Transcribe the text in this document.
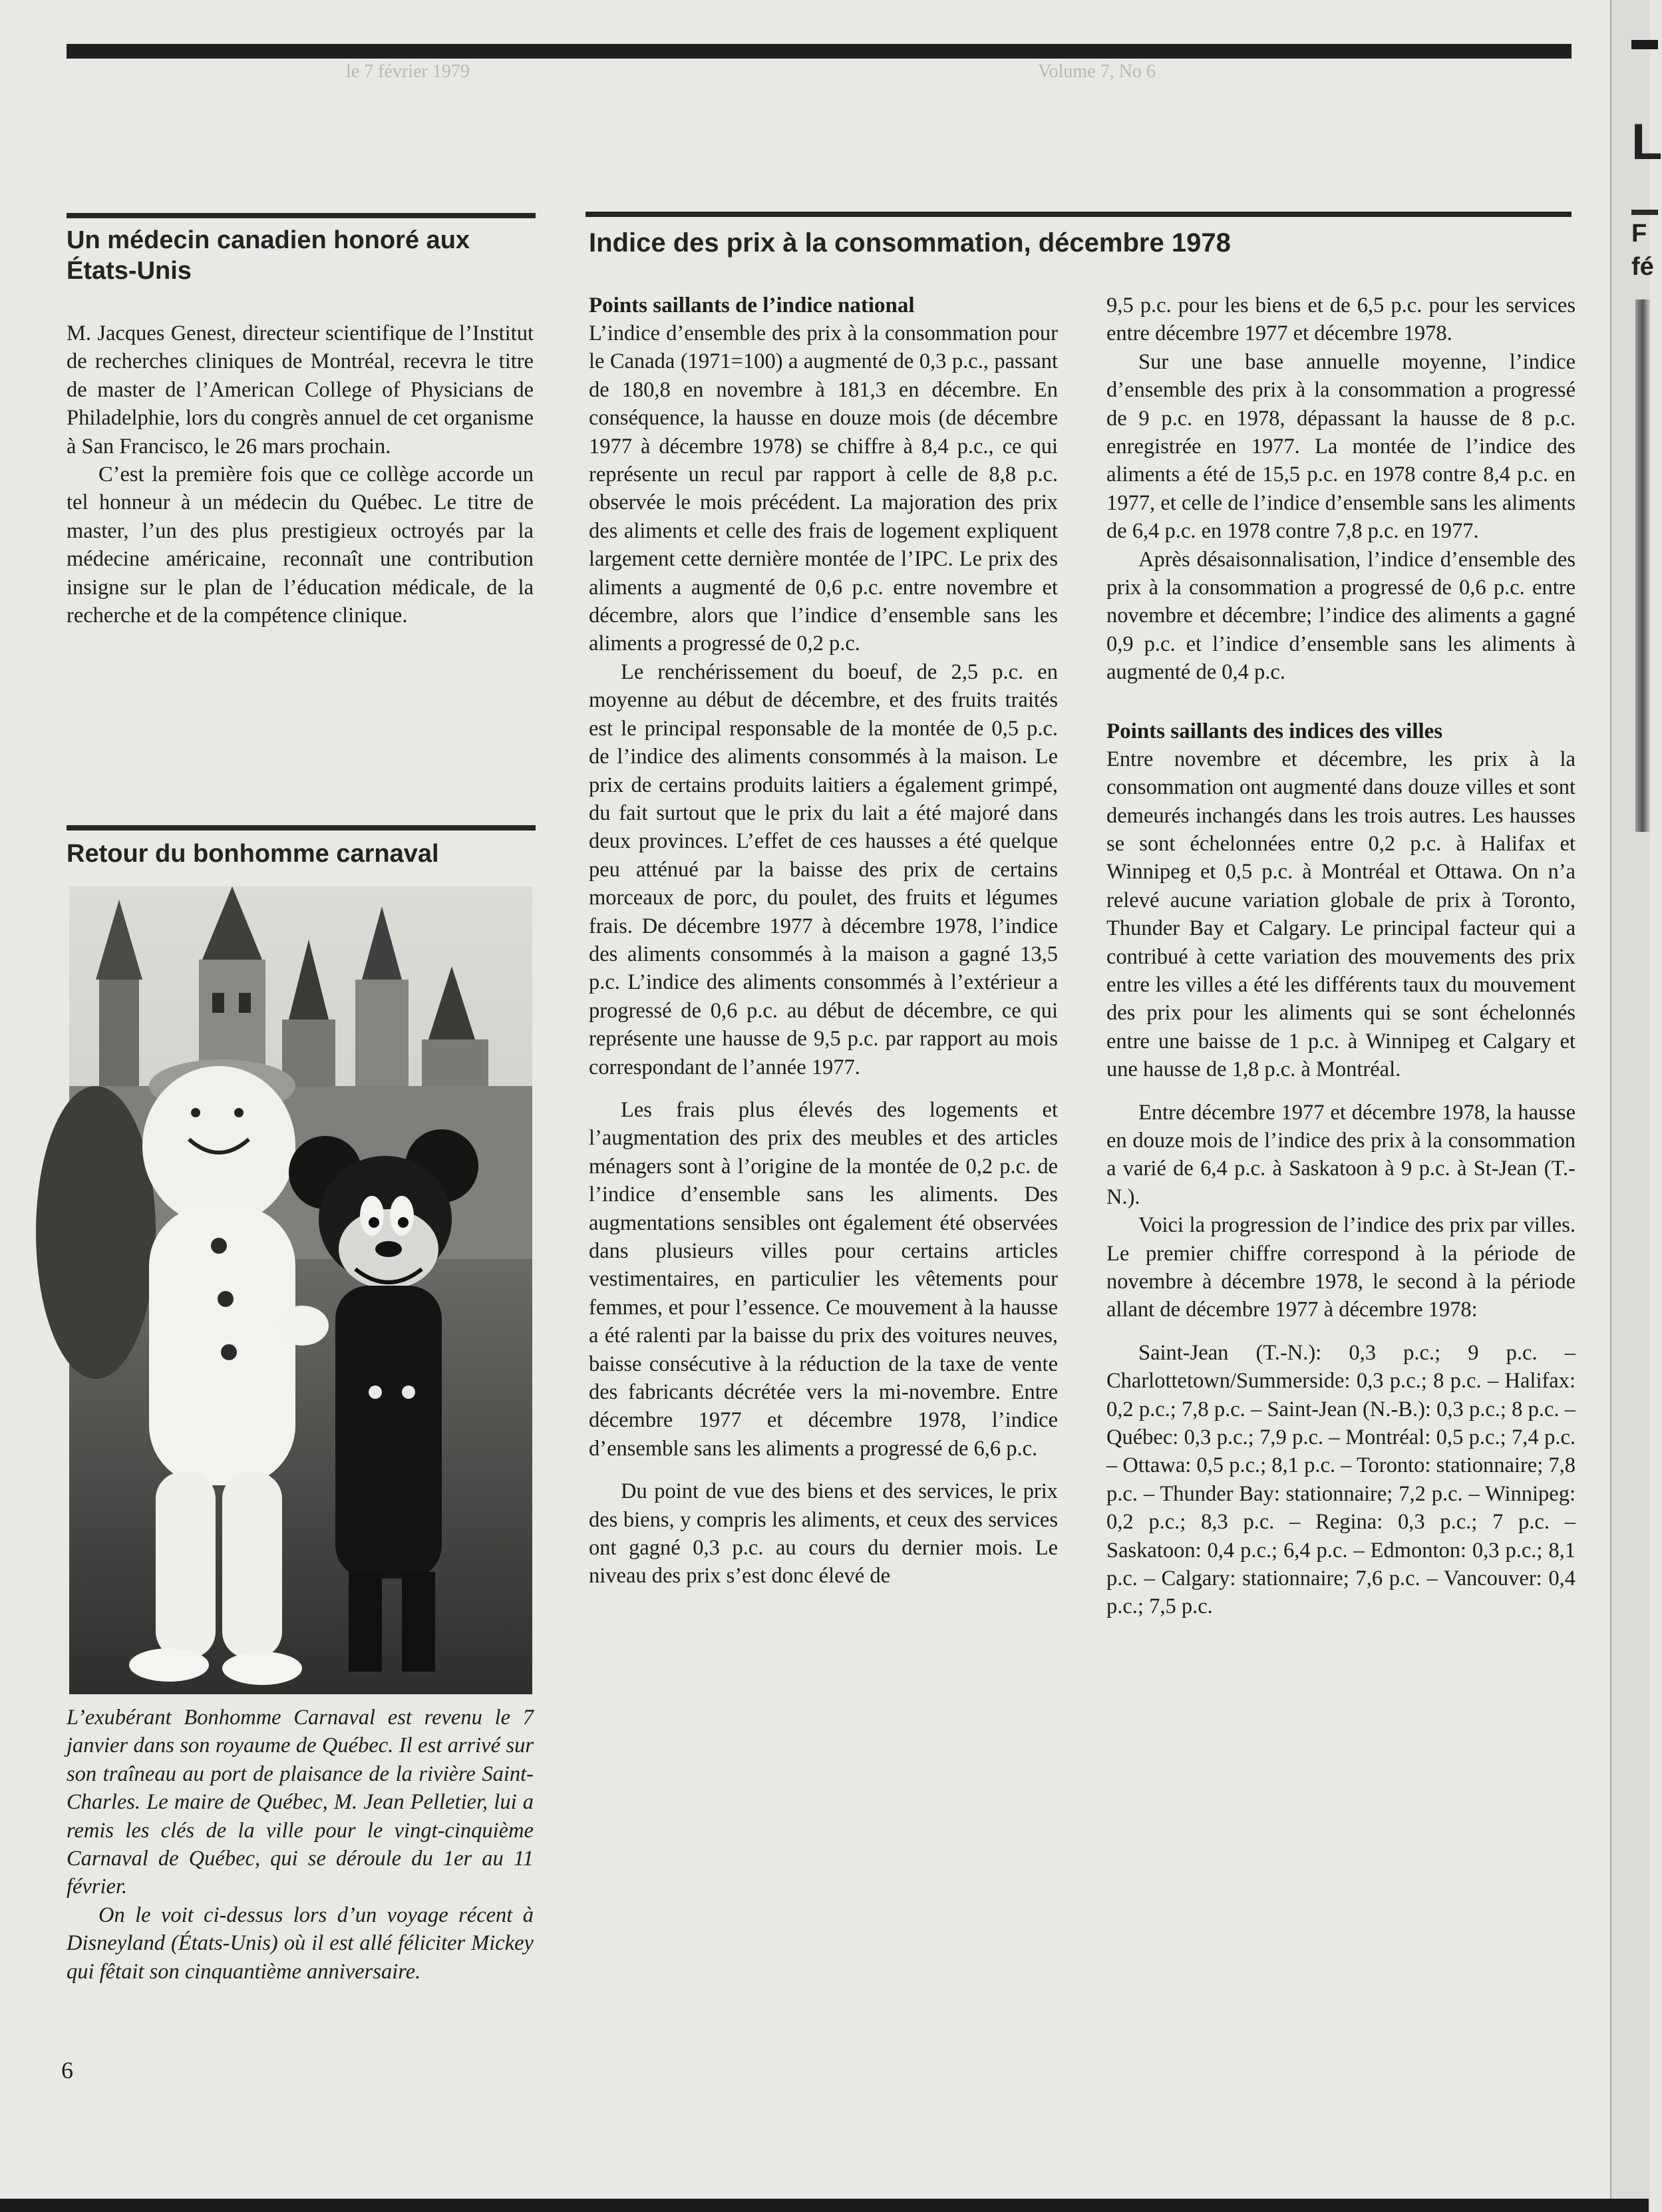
le 7 février 1979	Volume 7, No 6
Un médecin canadien honoré aux
États-Unis

M. Jacques Genest, directeur scientifique de l’Institut de recherches cliniques de Montréal, recevra le titre de master de l’American College of Physicians de Philadelphie, lors du congrès annuel de cet organisme à San Francisco, le 26 mars prochain.

C’est la première fois que ce collège accorde un tel honneur à un médecin du Québec. Le titre de master, l’un des plus prestigieux octroyés par la médecine américaine, reconnaît une contribution insigne sur le plan de l’éducation médicale, de la recherche et de la compétence clinique.

Retour du bonhomme carnaval

L’exubérant Bonhomme Carnaval est revenu le 7 janvier dans son royaume de Québec. Il est arrivé sur son traîneau au port de plaisance de la rivière Saint-Charles. Le maire de Québec, M. Jean Pelletier, lui a remis les clés de la ville pour le vingt-cinquième Carnaval de Québec, qui se déroule du 1er au 11 février.

On le voit ci-dessus lors d’un voyage récent à Disneyland (États-Unis) où il est allé féliciter Mickey qui fêtait son cinquantième anniversaire.

Indice des prix à la consommation, décembre 1978
Points saillants de l’indice national

L’indice d’ensemble des prix à la consommation pour le Canada (1971=100) a augmenté de 0,3 p.c., passant de 180,8 en novembre à 181,3 en décembre. En conséquence, la hausse en douze mois (de décembre 1977 à décembre 1978) se chiffre à 8,4 p.c., ce qui représente un recul par rapport à celle de 8,8 p.c. observée le mois précédent. La majoration des prix des aliments et celle des frais de logement expliquent largement cette dernière montée de l’IPC. Le prix des aliments a augmenté de 0,6 p.c. entre novembre et décembre, alors que l’indice d’ensemble sans les aliments a progressé de 0,2 p.c.

Le renchérissement du boeuf, de 2,5 p.c. en moyenne au début de décembre, et des fruits traités est le principal responsable de la montée de 0,5 p.c. de l’indice des aliments consommés à la maison. Le prix de certains produits laitiers a également grimpé, du fait surtout que le prix du lait a été majoré dans deux provinces. L’effet de ces hausses a été quelque peu atténué par la baisse des prix de certains morceaux de porc, du poulet, des fruits et légumes frais. De décembre 1977 à décembre 1978, l’indice des aliments consommés à la maison a gagné 13,5 p.c. L’indice des aliments consommés à l’extérieur a progressé de 0,6 p.c. au début de décembre, ce qui représente une hausse de 9,5 p.c. par rapport au mois correspondant de l’année 1977.

Les frais plus élevés des logements et l’augmentation des prix des meubles et des articles ménagers sont à l’origine de la montée de 0,2 p.c. de l’indice d’ensemble sans les aliments. Des augmentations sensibles ont également été observées dans plusieurs villes pour certains articles vestimentaires, en particulier les vêtements pour femmes, et pour l’essence. Ce mouvement à la hausse a été ralenti par la baisse du prix des voitures neuves, baisse consécutive à la réduction de la taxe de vente des fabricants décrétée vers la mi-novembre. Entre décembre 1977 et décembre 1978, l’indice d’ensemble sans les aliments a progressé de 6,6 p.c.

Du point de vue des biens et des services, le prix des biens, y compris les aliments, et ceux des services ont gagné 0,3 p.c. au cours du dernier mois. Le niveau des prix s’est donc élevé de

9,5 p.c. pour les biens et de 6,5 p.c. pour les services entre décembre 1977 et décembre 1978.

Sur une base annuelle moyenne, l’indice d’ensemble des prix à la consommation a progressé de 9 p.c. en 1978, dépassant la hausse de 8 p.c. enregistrée en 1977. La montée de l’indice des aliments a été de 15,5 p.c. en 1978 contre 8,4 p.c. en 1977, et celle de l’indice d’ensemble sans les aliments de 6,4 p.c. en 1978 contre 7,8 p.c. en 1977.

Après désaisonnalisation, l’indice d’ensemble des prix à la consommation a progressé de 0,6 p.c. entre novembre et décembre; l’indice des aliments a gagné 0,9 p.c. et l’indice d’ensemble sans les aliments à augmenté de 0,4 p.c.

Points saillants des indices des villes

Entre novembre et décembre, les prix à la consommation ont augmenté dans douze villes et sont demeurés inchangés dans les trois autres. Les hausses se sont échelonnées entre 0,2 p.c. à Halifax et Winnipeg et 0,5 p.c. à Montréal et Ottawa. On n’a relevé aucune variation globale de prix à Toronto, Thunder Bay et Calgary. Le principal facteur qui a contribué à cette variation des mouvements des prix entre les villes a été les différents taux du mouvement des prix pour les aliments qui se sont échelonnés entre une baisse de 1 p.c. à Winnipeg et Calgary et une hausse de 1,8 p.c. à Montréal.

Entre décembre 1977 et décembre 1978, la hausse en douze mois de l’indice des prix à la consommation a varié de 6,4 p.c. à Saskatoon à 9 p.c. à St-Jean (T.-N.).

Voici la progression de l’indice des prix par villes. Le premier chiffre correspond à la période de novembre à décembre 1978, le second à la période allant de décembre 1977 à décembre 1978:

Saint-Jean (T.-N.): 0,3 p.c.; 9 p.c. – Charlottetown/Summerside: 0,3 p.c.; 8 p.c. – Halifax: 0,2 p.c.; 7,8 p.c. – Saint-Jean (N.-B.): 0,3 p.c.; 8 p.c. – Québec: 0,3 p.c.; 7,9 p.c. – Montréal: 0,5 p.c.; 7,4 p.c. – Ottawa: 0,5 p.c.; 8,1 p.c. – Toronto: stationnaire; 7,8 p.c. – Thunder Bay: stationnaire; 7,2 p.c. – Winnipeg: 0,2 p.c.; 8,3 p.c. – Regina: 0,3 p.c.; 7 p.c. – Saskatoon: 0,4 p.c.; 6,4 p.c. – Edmonton: 0,3 p.c.; 8,1 p.c. – Calgary: stationnaire; 7,6 p.c. – Vancouver: 0,4 p.c.; 7,5 p.c.

6
L
F
fé
